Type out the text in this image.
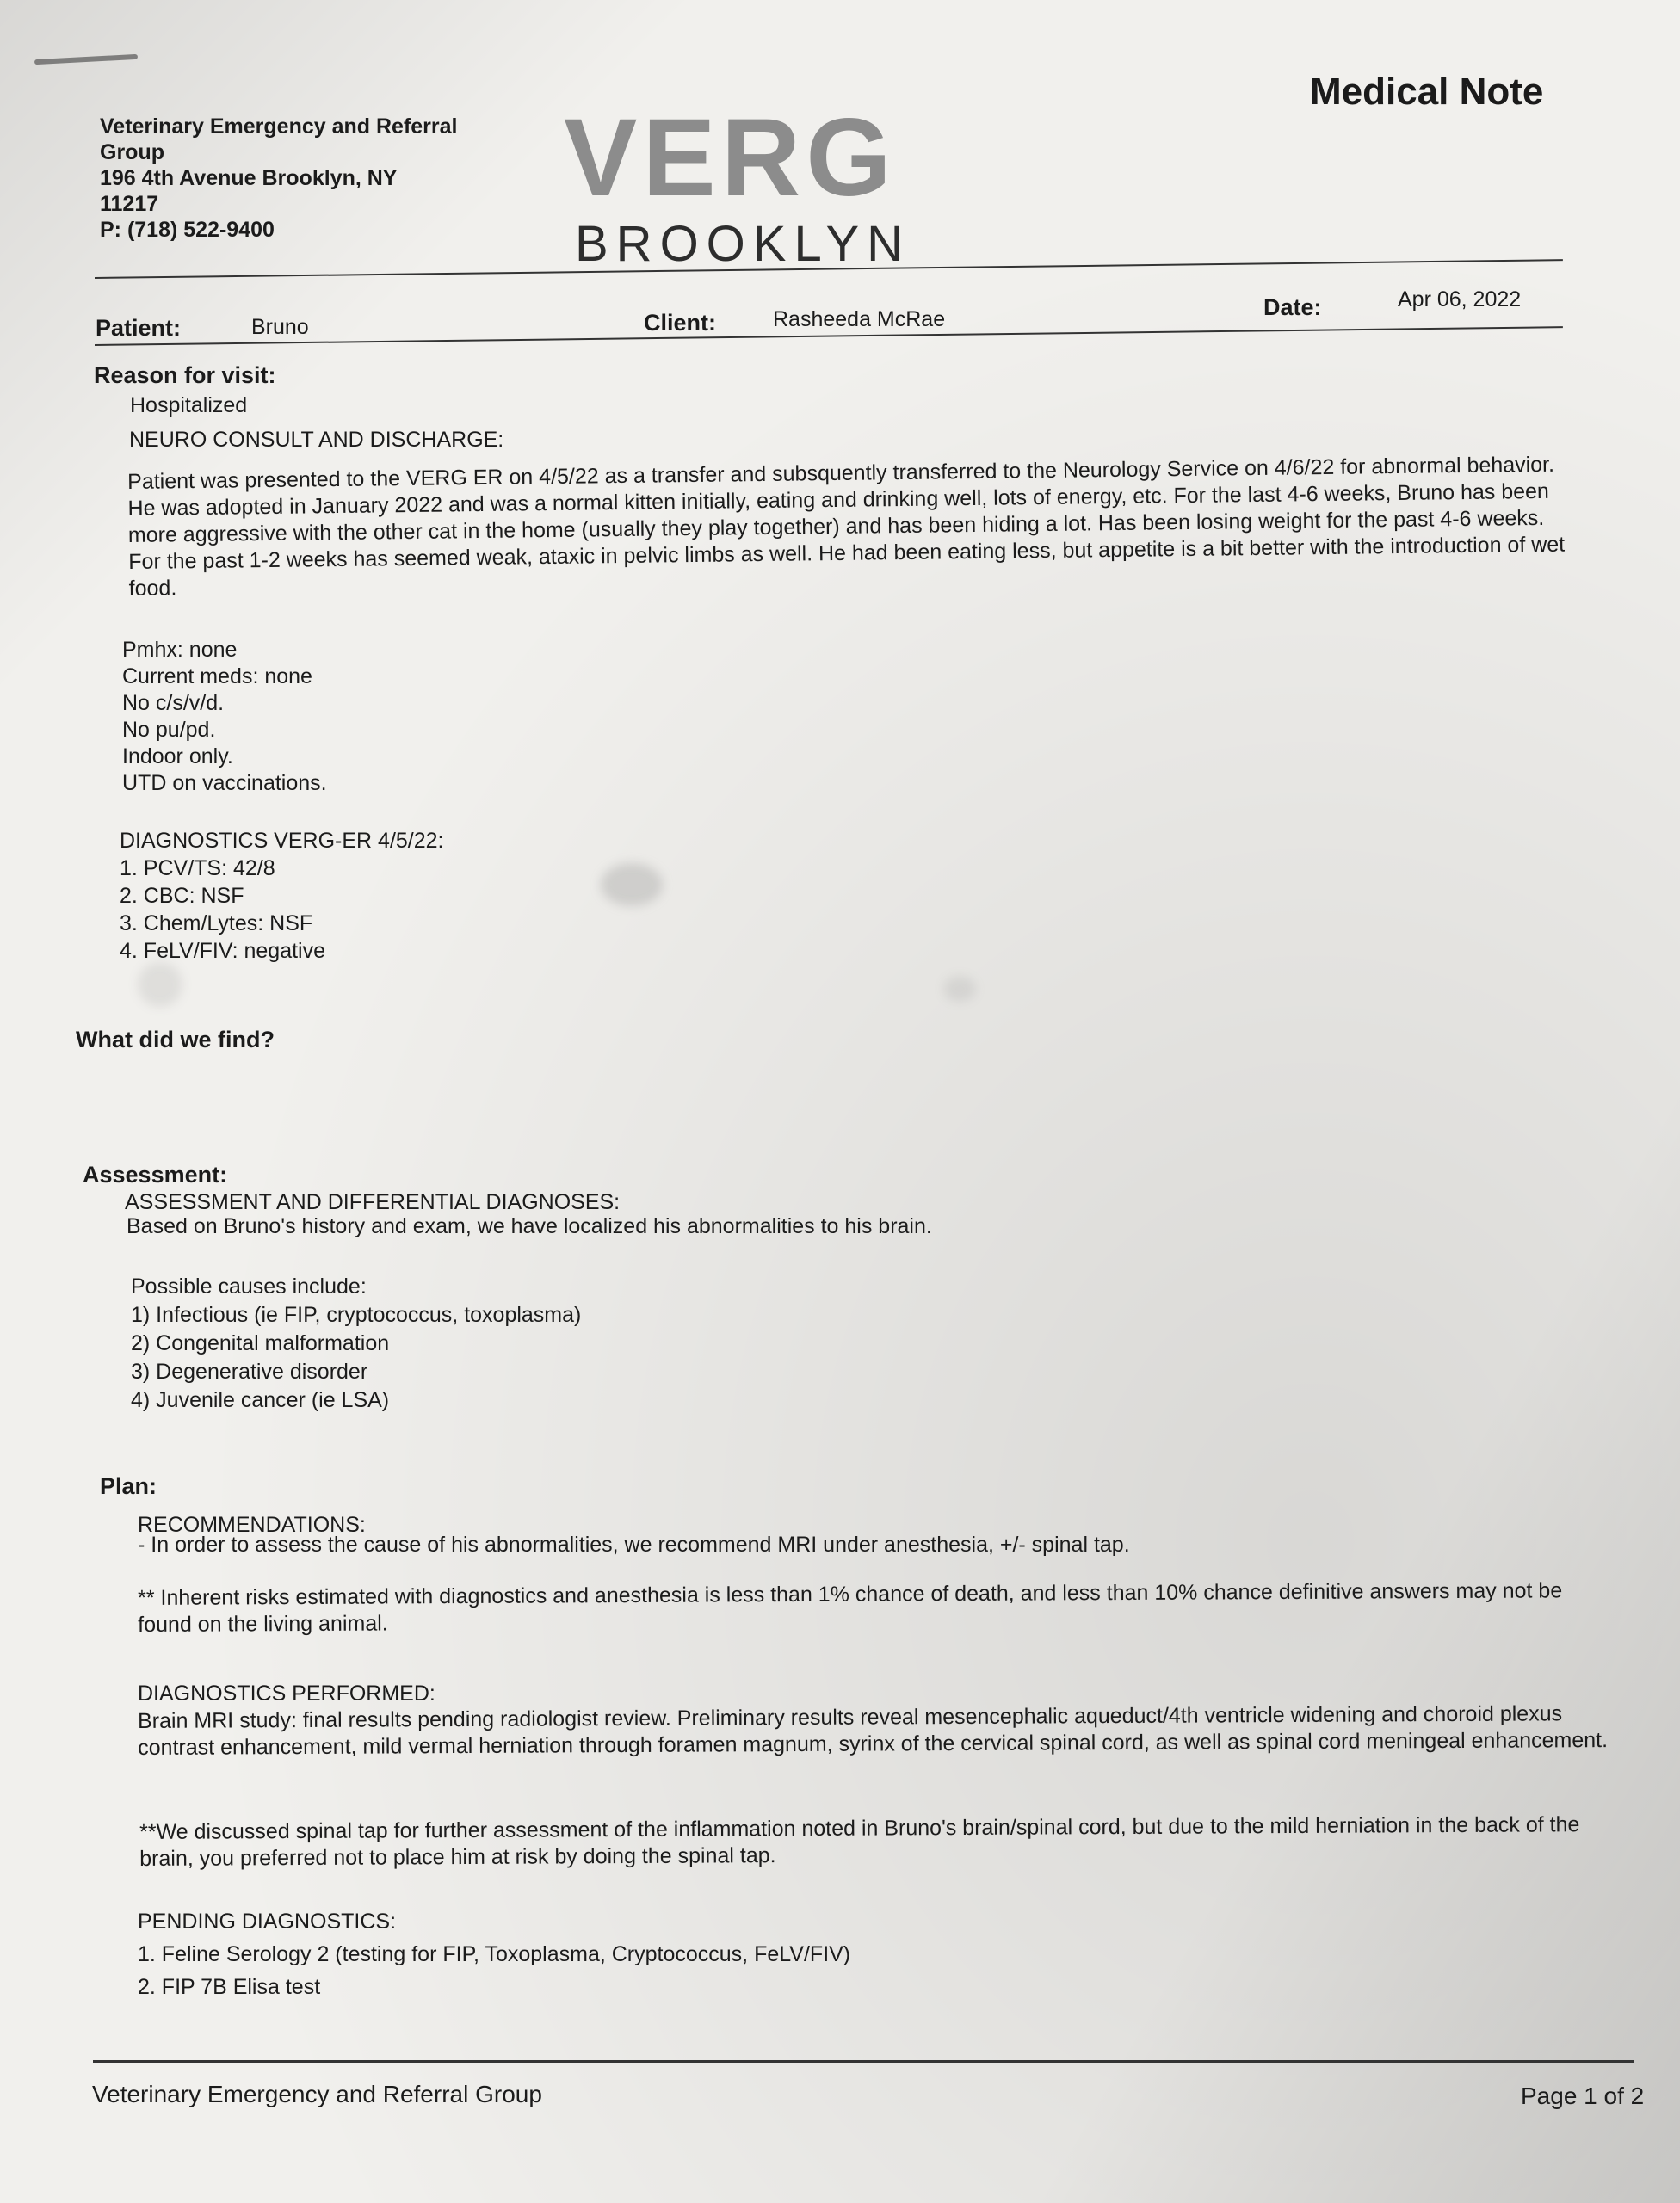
Veterinary Emergency and Referral
Group
196 4th Avenue Brooklyn, NY
11217
P: (718) 522-9400
VERG
BROOKLYN
Medical Note
Patient:	Bruno	Client:	Rasheeda McRae	Date:	Apr 06, 2022
Reason for visit:
Hospitalized
NEURO CONSULT AND DISCHARGE:
Patient was presented to the VERG ER on 4/5/22 as a transfer and subsquently transferred to the Neurology Service on 4/6/22 for abnormal behavior. He was adopted in January 2022 and was a normal kitten initially, eating and drinking well, lots of energy, etc. For the last 4-6 weeks, Bruno has been more aggressive with the other cat in the home (usually they play together) and has been hiding a lot. Has been losing weight for the past 4-6 weeks. For the past 1-2 weeks has seemed weak, ataxic in pelvic limbs as well. He had been eating less, but appetite is a bit better with the introduction of wet food.
Pmhx: none
Current meds: none
No c/s/v/d.
No pu/pd.
Indoor only.
UTD on vaccinations.
DIAGNOSTICS VERG-ER 4/5/22:
1. PCV/TS: 42/8
2. CBC: NSF
3. Chem/Lytes: NSF
4. FeLV/FIV: negative
What did we find?
Assessment:
ASSESSMENT AND DIFFERENTIAL DIAGNOSES:
Based on Bruno's history and exam, we have localized his abnormalities to his brain.
Possible causes include:
1) Infectious (ie FIP, cryptococcus, toxoplasma)
2) Congenital malformation
3) Degenerative disorder
4) Juvenile cancer (ie LSA)
Plan:
RECOMMENDATIONS:
- In order to assess the cause of his abnormalities, we recommend MRI under anesthesia, +/- spinal tap.
** Inherent risks estimated with diagnostics and anesthesia is less than 1% chance of death, and less than 10% chance definitive answers may not be found on the living animal.
DIAGNOSTICS PERFORMED:
Brain MRI study: final results pending radiologist review. Preliminary results reveal mesencephalic aqueduct/4th ventricle widening and choroid plexus contrast enhancement, mild vermal herniation through foramen magnum, syrinx of the cervical spinal cord, as well as spinal cord meningeal enhancement.
**We discussed spinal tap for further assessment of the inflammation noted in Bruno's brain/spinal cord, but due to the mild herniation in the back of the brain, you preferred not to place him at risk by doing the spinal tap.
PENDING DIAGNOSTICS:
1. Feline Serology 2 (testing for FIP, Toxoplasma, Cryptococcus, FeLV/FIV)
2. FIP 7B Elisa test
Veterinary Emergency and Referral Group	Page 1 of 2
